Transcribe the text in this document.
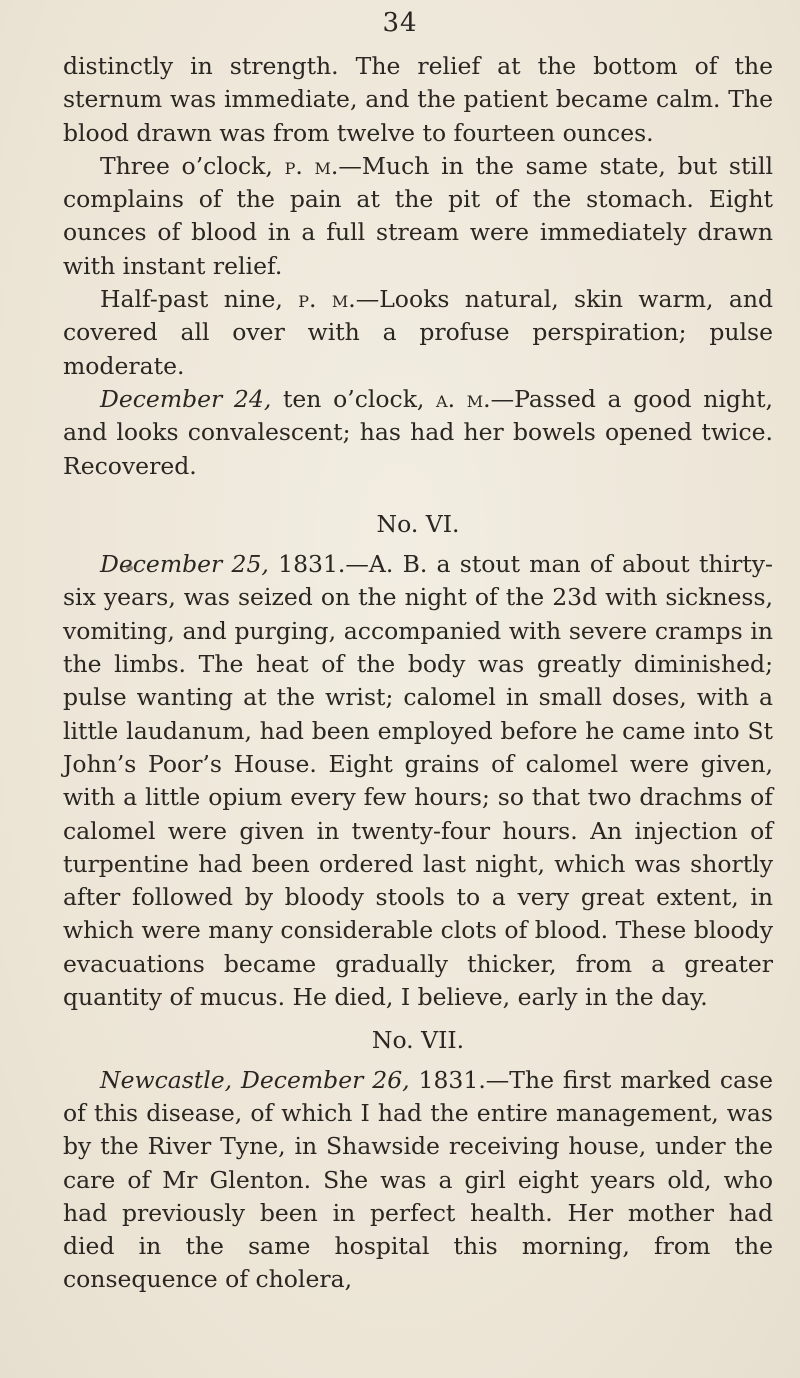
34

distinctly in strength. The relief at the bottom of the sternum was immediate, and the patient became calm. The blood drawn was from twelve to fourteen ounces.

Three o’clock, p. m.—Much in the same state, but still complains of the pain at the pit of the stomach. Eight ounces of blood in a full stream were immediately drawn with instant relief.

Half-past nine, p. m.—Looks natural, skin warm, and covered all over with a profuse perspiration; pulse moderate.

December 24, ten o’clock, a. m.—Passed a good night, and looks convalescent; has had her bowels opened twice. Recovered.

No. VI.

December 25, 1831.—A. B. a stout man of about thirty-six years, was seized on the night of the 23d with sickness, vomiting, and purging, accompanied with severe cramps in the limbs. The heat of the body was greatly diminished; pulse wanting at the wrist; calomel in small doses, with a little laudanum, had been employed before he came into St John’s Poor’s House. Eight grains of calomel were given, with a little opium every few hours; so that two drachms of calomel were given in twenty-four hours. An injection of turpentine had been ordered last night, which was shortly after followed by bloody stools to a very great extent, in which were many considerable clots of blood. These bloody evacuations became gradually thicker, from a greater quantity of mucus. He died, I believe, early in the day.

No. VII.

Newcastle, December 26, 1831.—The first marked case of this disease, of which I had the entire management, was by the River Tyne, in Shawside receiving house, under the care of Mr Glenton. She was a girl eight years old, who had previously been in perfect health. Her mother had died in the same hospital this morning, from the consequence of cholera,
